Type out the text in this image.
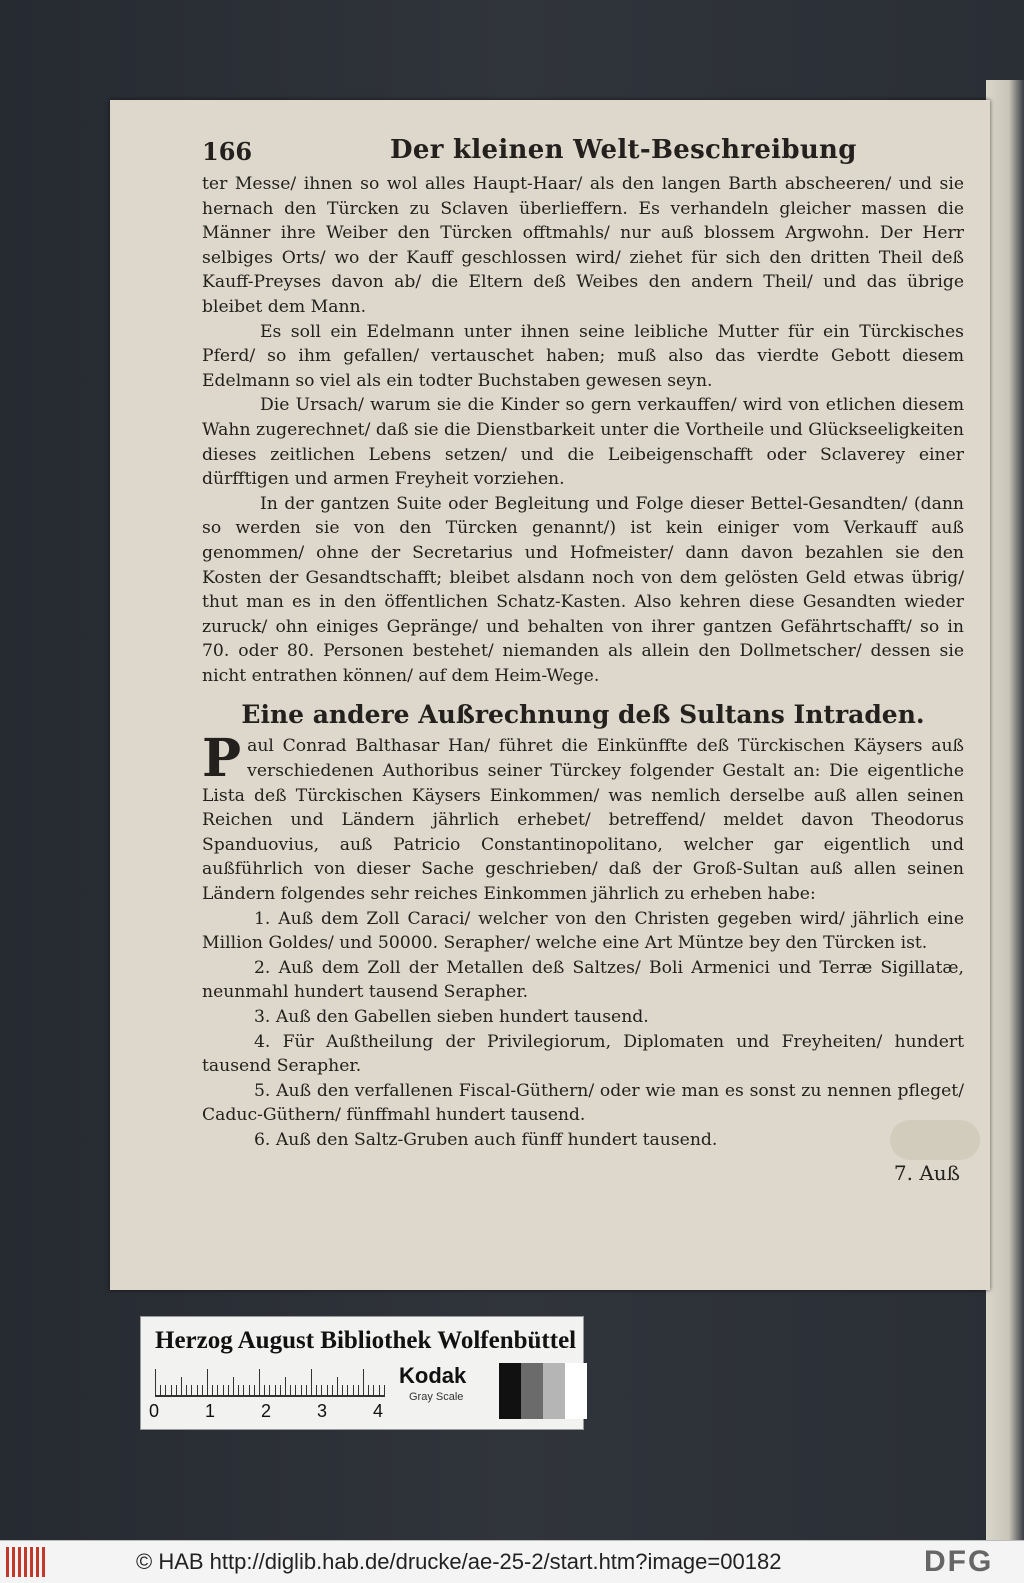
166	Der kleinen Welt-Beschreibung

ter Messe/ ihnen so wol alles Haupt-Haar/ als den langen Barth abscheeren/ und sie hernach den Türcken zu Sclaven überlieffern. Es verhandeln gleicher massen die Männer ihre Weiber den Türcken offtmahls/ nur auß blossem Argwohn. Der Herr selbiges Orts/ wo der Kauff geschlossen wird/ ziehet für sich den dritten Theil deß Kauff-Preyses davon ab/ die Eltern deß Weibes den andern Theil/ und das übrige bleibet dem Mann.

Es soll ein Edelmann unter ihnen seine leibliche Mutter für ein Türckisches Pferd/ so ihm gefallen/ vertauschet haben; muß also das vierdte Gebott diesem Edelmann so viel als ein todter Buchstaben gewesen seyn.

Die Ursach/ warum sie die Kinder so gern verkauffen/ wird von etlichen diesem Wahn zugerechnet/ daß sie die Dienstbarkeit unter die Vortheile und Glückseeligkeiten dieses zeitlichen Lebens setzen/ und die Leibeigenschafft oder Sclaverey einer dürfftigen und armen Freyheit vorziehen.

In der gantzen Suite oder Begleitung und Folge dieser Bettel-Gesandten/ (dann so werden sie von den Türcken genannt/) ist kein einiger vom Verkauff auß genommen/ ohne der Secretarius und Hofmeister/ dann davon bezahlen sie den Kosten der Gesandtschafft; bleibet alsdann noch von dem gelösten Geld etwas übrig/ thut man es in den öffentlichen Schatz-Kasten. Also kehren diese Gesandten wieder zuruck/ ohn einiges Gepränge/ und behalten von ihrer gantzen Gefährtschafft/ so in 70. oder 80. Personen bestehet/ niemanden als allein den Dollmetscher/ dessen sie nicht entrathen können/ auf dem Heim-Wege.

Eine andere Außrechnung deß Sultans Intraden.

Paul Conrad Balthasar Han/ führet die Einkünffte deß Türckischen Käysers auß verschiedenen Authoribus seiner Türckey folgender Gestalt an: Die eigentliche Lista deß Türckischen Käysers Einkommen/ was nemlich derselbe auß allen seinen Reichen und Ländern jährlich erhebet/ betreffend/ meldet davon Theodorus Spanduovius, auß Patricio Constantinopolitano, welcher gar eigentlich und außführlich von dieser Sache geschrieben/ daß der Groß-Sultan auß allen seinen Ländern folgendes sehr reiches Einkommen jährlich zu erheben habe:

1. Auß dem Zoll Caraci/ welcher von den Christen gegeben wird/ jährlich eine Million Goldes/ und 50000. Serapher/ welche eine Art Müntze bey den Türcken ist.

2. Auß dem Zoll der Metallen deß Saltzes/ Boli Armenici und Terræ Sigillatæ, neunmahl hundert tausend Serapher.

3. Auß den Gabellen sieben hundert tausend.

4. Für Außtheilung der Privilegiorum, Diplomaten und Freyheiten/ hundert tausend Serapher.

5. Auß den verfallenen Fiscal-Güthern/ oder wie man es sonst zu nennen pfleget/ Caduc-Güthern/ fünffmahl hundert tausend.

6. Auß den Saltz-Gruben auch fünff hundert tausend.

7. Auß
Herzog August Bibliothek Wolfenbüttel
0	1	2	3	4
Kodak
Gray Scale
© HAB http://diglib.hab.de/drucke/ae-25-2/start.htm?image=00182	DFG
